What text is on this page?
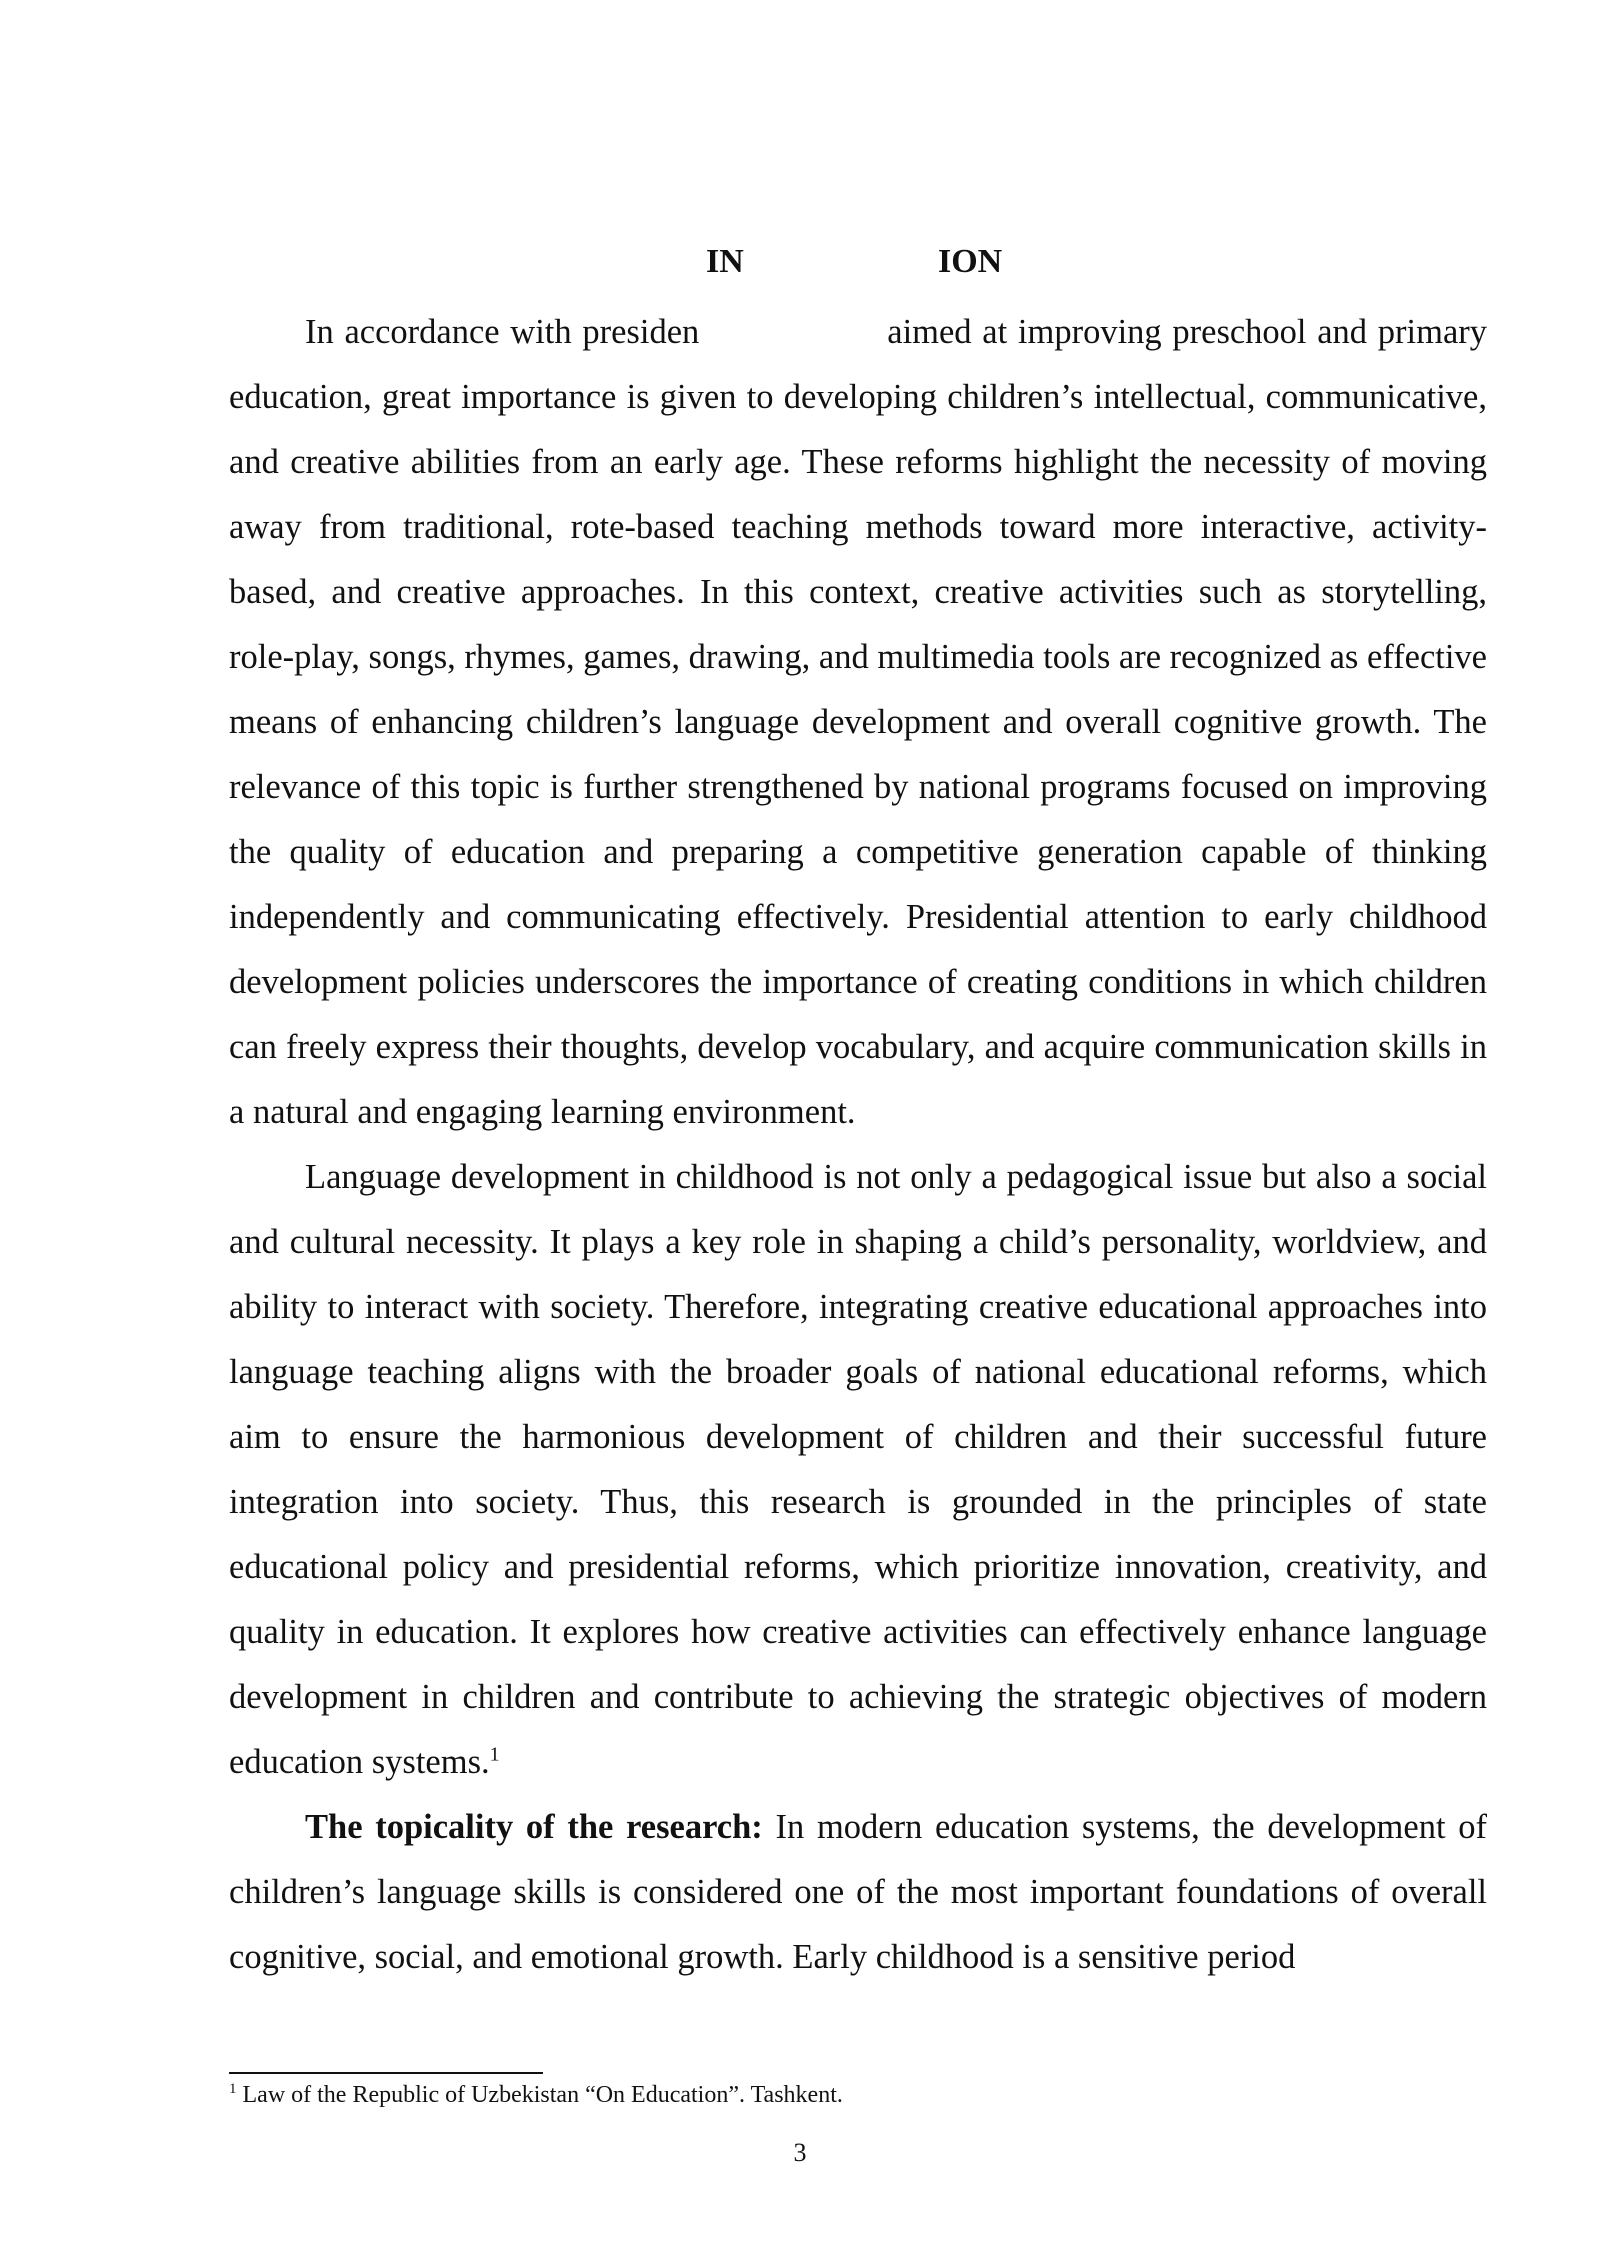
IN	ION

In accordance with presiden	aimed at improving preschool and primary education, great importance is given to developing children’s intellectual, communicative, and creative abilities from an early age. These reforms highlight the necessity of moving away from traditional, rote-based teaching methods toward more interactive, activity-based, and creative approaches. In this context, creative activities such as storytelling, role-play, songs, rhymes, games, drawing, and multimedia tools are recognized as effective means of enhancing children’s language development and overall cognitive growth. The relevance of this topic is further strengthened by national programs focused on improving the quality of education and preparing a competitive generation capable of thinking independently and communicating effectively. Presidential attention to early childhood development policies underscores the importance of creating conditions in which children can freely express their thoughts, develop vocabulary, and acquire communication skills in a natural and engaging learning environment.

Language development in childhood is not only a pedagogical issue but also a social and cultural necessity. It plays a key role in shaping a child’s personality, worldview, and ability to interact with society. Therefore, integrating creative educational approaches into language teaching aligns with the broader goals of national educational reforms, which aim to ensure the harmonious development of children and their successful future integration into society. Thus, this research is grounded in the principles of state educational policy and presidential reforms, which prioritize innovation, creativity, and quality in education. It explores how creative activities can effectively enhance language development in children and contribute to achieving the strategic objectives of modern education systems.$^1$

The topicality of the research: In modern education systems, the development of children’s language skills is considered one of the most important foundations of overall cognitive, social, and emotional growth. Early childhood is a sensitive period

$^1$ Law of the Republic of Uzbekistan “On Education”. Tashkent.
3
